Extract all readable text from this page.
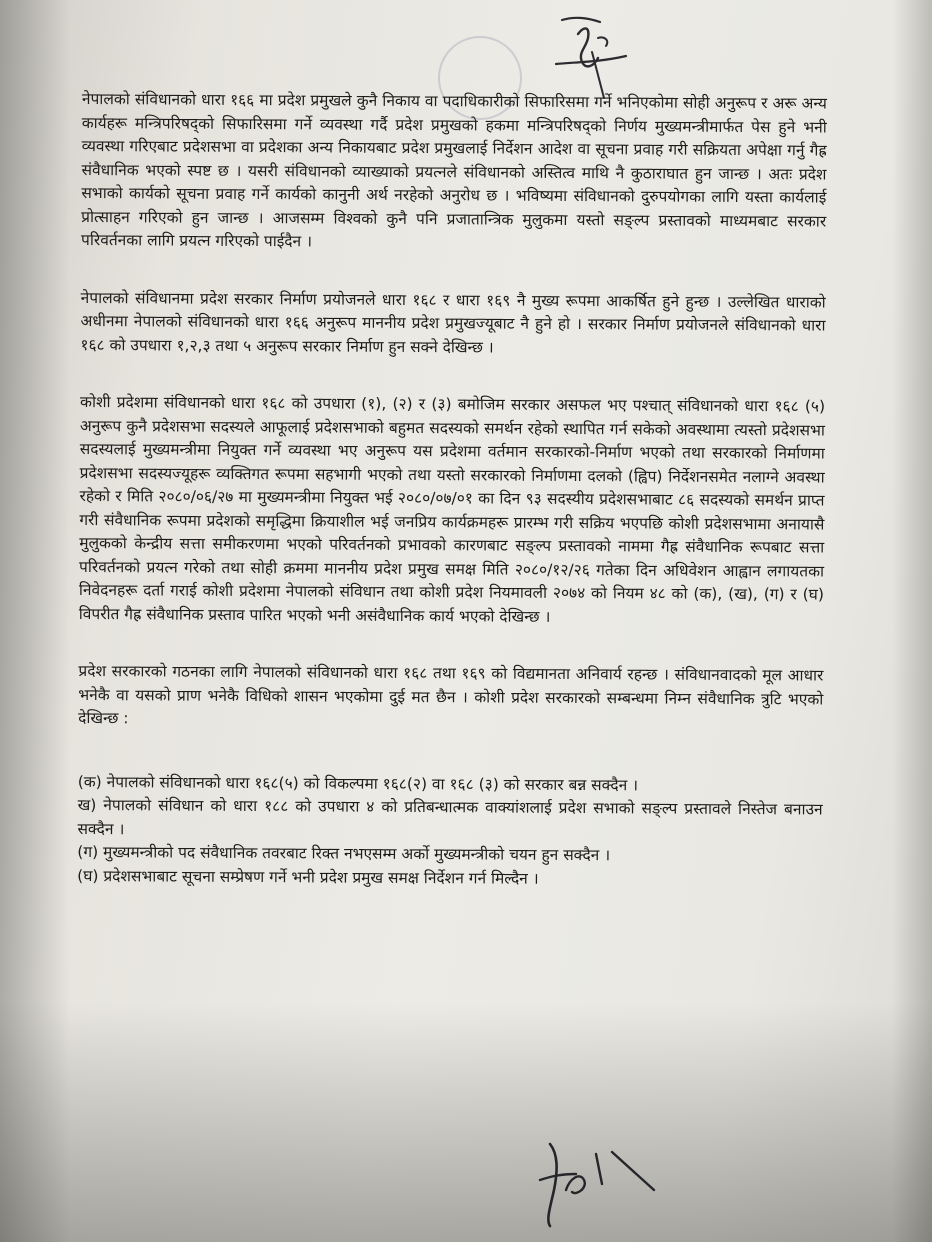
नेपालको संविधानको धारा १६६ मा प्रदेश प्रमुखले कुनै निकाय वा पदाधिकारीको सिफारिसमा गर्ने भनिएकोमा सोही अनुरूप र अरू अन्य कार्यहरू मन्त्रिपरिषद्को सिफारिसमा गर्ने व्यवस्था गर्दै प्रदेश प्रमुखको हकमा मन्त्रिपरिषद्को निर्णय मुख्यमन्त्रीमार्फत पेस हुने भनी व्यवस्था गरिएबाट प्रदेशसभा वा प्रदेशका अन्य निकायबाट प्रदेश प्रमुखलाई निर्देशन आदेश वा सूचना प्रवाह गरी सक्रियता अपेक्षा गर्नु गैह्र संवैधानिक भएको स्पष्ट छ । यसरी संविधानको व्याख्याको प्रयत्नले संविधानको अस्तित्व माथि नै कुठाराघात हुन जान्छ । अतः प्रदेश सभाको कार्यको सूचना प्रवाह गर्ने कार्यको कानुनी अर्थ नरहेको अनुरोध छ । भविष्यमा संविधानको दुरुपयोगका लागि यस्ता कार्यलाई प्रोत्साहन गरिएको हुन जान्छ । आजसम्म विश्वको कुनै पनि प्रजातान्त्रिक मुलुकमा यस्तो सङ्ल्प प्रस्तावको माध्यमबाट सरकार परिवर्तनका लागि प्रयत्न गरिएको पाईदैन ।

नेपालको संविधानमा प्रदेश सरकार निर्माण प्रयोजनले धारा १६८ र धारा १६९ नै मुख्य रूपमा आकर्षित हुने हुन्छ । उल्लेखित धाराको अधीनमा नेपालको संविधानको धारा १६६ अनुरूप माननीय प्रदेश प्रमुखज्यूबाट नै हुने हो । सरकार निर्माण प्रयोजनले संविधानको धारा १६८ को उपधारा १,२,३ तथा ५ अनुरूप सरकार निर्माण हुन सक्ने देखिन्छ ।

कोशी प्रदेशमा संविधानको धारा १६८ को उपधारा (१), (२) र (३) बमोजिम सरकार असफल भए पश्चात् संविधानको धारा १६८ (५) अनुरूप कुनै प्रदेशसभा सदस्यले आफूलाई प्रदेशसभाको बहुमत सदस्यको समर्थन रहेको स्थापित गर्न सकेको अवस्थामा त्यस्तो प्रदेशसभा सदस्यलाई मुख्यमन्त्रीमा नियुक्त गर्ने व्यवस्था भए अनुरूप यस प्रदेशमा वर्तमान सरकारको-निर्माण भएको तथा सरकारको निर्माणमा प्रदेशसभा सदस्यज्यूहरू व्यक्तिगत रूपमा सहभागी भएको तथा यस्तो सरकारको निर्माणमा दलको (ह्विप) निर्देशनसमेत नलाग्ने अवस्था रहेको र मिति २०८०/०६/२७ मा मुख्यमन्त्रीमा नियुक्त भई २०८०/०७/०१ का दिन ९३ सदस्यीय प्रदेशसभाबाट ८६ सदस्यको समर्थन प्राप्त गरी संवैधानिक रूपमा प्रदेशको समृद्धिमा क्रियाशील भई जनप्रिय कार्यक्रमहरू प्रारम्भ गरी सक्रिय भएपछि कोशी प्रदेशसभामा अनायासै मुलुकको केन्द्रीय सत्ता समीकरणमा भएको परिवर्तनको प्रभावको कारणबाट सङ्ल्प प्रस्तावको नाममा गैह्र संवैधानिक रूपबाट सत्ता परिवर्तनको प्रयत्न गरेको तथा सोही क्रममा माननीय प्रदेश प्रमुख समक्ष मिति २०८०/१२/२६ गतेका दिन अधिवेशन आह्वान लगायतका निवेदनहरू दर्ता गराई कोशी प्रदेशमा नेपालको संविधान तथा कोशी प्रदेश नियमावली २०७४ को नियम ४८ को (क), (ख), (ग) र (घ) विपरीत गैह्र संवैधानिक प्रस्ताव पारित भएको भनी असंवैधानिक कार्य भएको देखिन्छ ।

प्रदेश सरकारको गठनका लागि नेपालको संविधानको धारा १६८ तथा १६९ को विद्यमानता अनिवार्य रहन्छ । संविधानवादको मूल आधार भनेकै वा यसको प्राण भनेकै विधिको शासन भएकोमा दुई मत छैन । कोशी प्रदेश सरकारको सम्बन्धमा निम्न संवैधानिक त्रुटि भएको देखिन्छ :

(क) नेपालको संविधानको धारा १६८(५) को विकल्पमा १६८(२) वा १६८ (३) को सरकार बन्न सक्दैन ।

ख) नेपालको संविधान को धारा १८८ को उपधारा ४ को प्रतिबन्धात्मक वाक्यांशलाई प्रदेश सभाको सङ्ल्प प्रस्तावले निस्तेज बनाउन सक्दैन ।

(ग) मुख्यमन्त्रीको पद संवैधानिक तवरबाट रिक्त नभएसम्म अर्को मुख्यमन्त्रीको चयन हुन सक्दैन ।

(घ) प्रदेशसभाबाट सूचना सम्प्रेषण गर्ने भनी प्रदेश प्रमुख समक्ष निर्देशन गर्न मिल्दैन ।
